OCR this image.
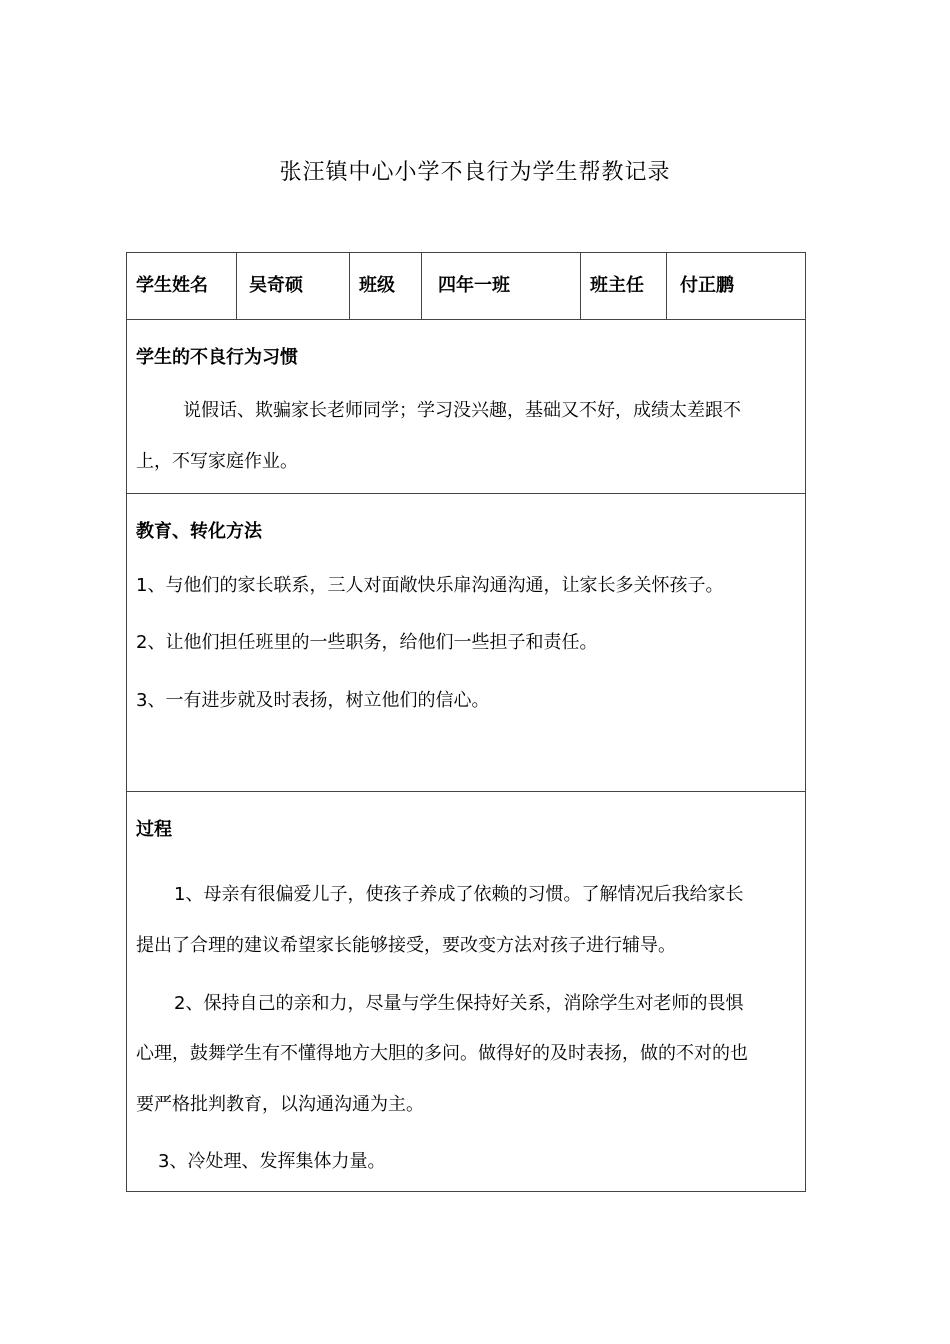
张汪镇中心小学不良行为学生帮教记录
学生姓名 吴奇硕	班级 四年一班	班主任 付正鹏
学生的不良行为习惯
说假话、欺骗家长老师同学；学习没兴趣，基础又不好，成绩太差跟不
上，不写家庭作业。
教育、转化方法
1、与他们的家长联系，三人对面敞快乐扉沟通沟通，让家长多关怀孩子。
2、让他们担任班里的一些职务，给他们一些担子和责任。
3、一有进步就及时表扬，树立他们的信心。
过程
1、母亲有很偏爱儿子，使孩子养成了依赖的习惯。了解情况后我给家长
提出了合理的建议希望家长能够接受，要改变方法对孩子进行辅导。
2、保持自己的亲和力，尽量与学生保持好关系，消除学生对老师的畏惧
心理，鼓舞学生有不懂得地方大胆的多问。做得好的及时表扬，做的不对的也
要严格批判教育，以沟通沟通为主。
3、冷处理、发挥集体力量。
